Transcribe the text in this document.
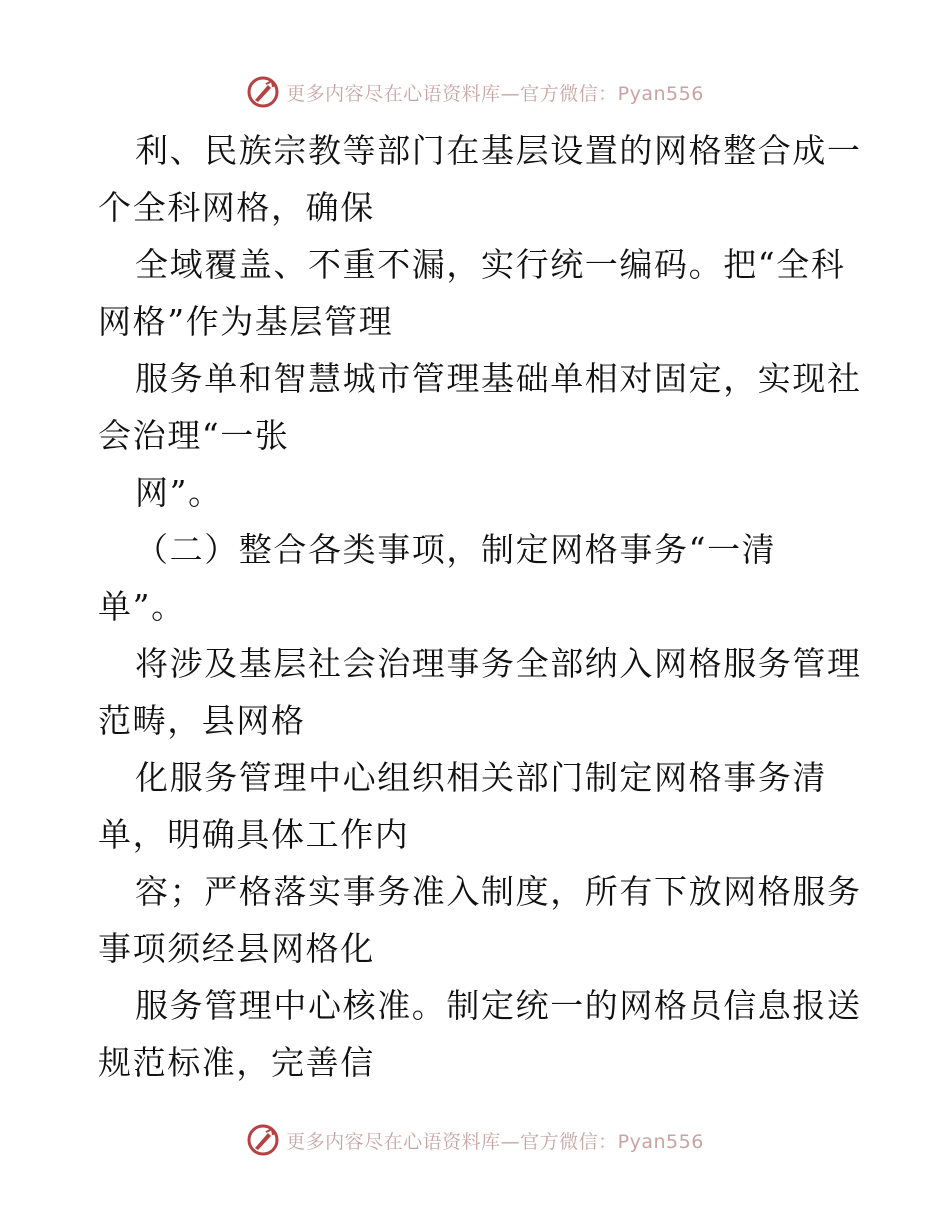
更多内容尽在心语资料库—官方微信：Pyan556

利、民族宗教等部门在基层设置的网格整合成一
个全科网格，确保

全域覆盖、不重不漏，实行统一编码。把“全科
网格”作为基层管理

服务单和智慧城市管理基础单相对固定，实现社
会治理“一张

网”。

（二）整合各类事项，制定网格事务“一清
单”。

将涉及基层社会治理事务全部纳入网格服务管理
范畴，县网格

化服务管理中心组织相关部门制定网格事务清
单，明确具体工作内

容；严格落实事务准入制度，所有下放网格服务
事项须经县网格化

服务管理中心核准。制定统一的网格员信息报送
规范标准，完善信

更多内容尽在心语资料库—官方微信：Pyan556
